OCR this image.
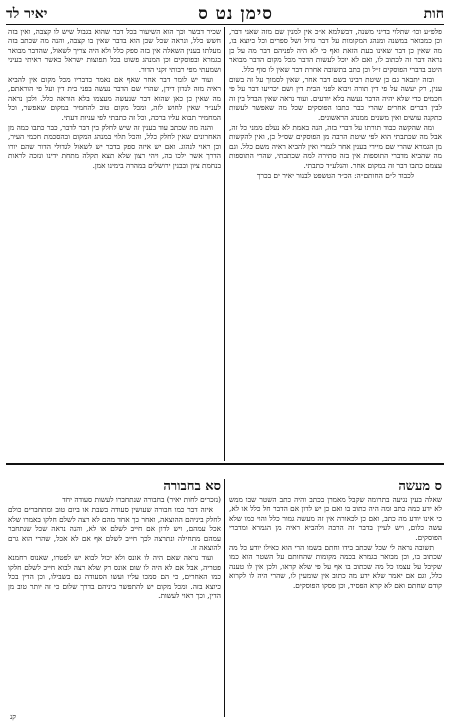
חות
סימן נט ס
יאיר לד

פלפ״ע וכו׳ שתלוי בדיני משנה, דבשלמא א״כ אין למנין שם מזה שאני דבר, וכן כמבואר במשנה ומנהג המקומות על דבר גדול ושל ספרים וכל כיוצא בו, מה שאין כן דבר שאינו בעת הזאת ואף כי לא היה לפניהם דבר מה על כן נראה דבר זה לכתוב לו, ואם לא יוכל לעשות הדבר מכל מקום הדבר מבואר היטב בדברי הפוסקים ז״ל וכן כתב בתשובה אחרת דבר שאין לו סוף כלל.

ובזה יתבאר גם כן שיטת רבינו בשם דבר אחר, שאין לסמוך על זה בשום ענין, רק יעשה על פי דין תורה ויבוא לפני הבית דין ושם יכריעו דבר על פי חכמים כדי שלא יהיה הדבר נעשה בלא יודעים. ועוד נראה שאין הבדל בין זה לבין דברים אחרים שהרי כבר כתבו הפוסקים שכל מה שאפשר לעשות כתקנה עושים ואין משנים ממנהג הראשונים.

ומה שהקשה כבוד תורתו על דברי בזה, הנה באמת לא נעלם ממני כל זה, אבל מה שכתבתי הוא לפי שיטת הרבה מן הפוסקים שס״ל כן, ואין להקשות מן הגמרא שהרי שם מיירי בענין אחר לגמרי ואין להביא ראיה משם כלל. וגם מה שהביא מדברי התוספות אין בזה סתירה למה שכתבתי, שהרי התוספות עצמם כתבו דבר זה במקום אחר. והנלע״ד כתבתי.

לכבוד ל״ם החותם״ה: הכ״ד הטשפט לבנור יאיר ים בכרך

שכיר דבשר וכך הוא השיעור בכל דבר שהוא בגבול שיש לו קצבה, ואין בזה חשש כלל, ונראה שכל שכן הוא בדבר שאין בו קצבה, והנה מה שכתב בזה מעלתו בענין השאלה אין בזה ספק כלל ולא היה צריך לשאול, שהדבר מבואר בגמרא ובפוסקים וכן המנהג פשוט בכל תפוצות ישראל כאשר ראיתי בעיני ושמעתי מפי רבותי זקני הדור.

ועוד יש לומר דבר אחר שאף אם נאמר כדבריו מכל מקום אין להביא ראיה מזה לנדון דידן, שהרי שם הדבר נעשה בפני בית דין ועל פי הוראתם, מה שאין כן כאן שהוא דבר שנעשה מעצמו בלא הוראה כלל. ולכן נראה לענ״ד שאין לחוש לזה, ומכל מקום טוב להחמיר במקום שאפשר, וכל המחמיר תבוא עליו ברכה, וכל זה כתבתי לפי עניות דעתי.

והנה מה שכתב עוד בענין זה שיש לחלק בין דבר לדבר, כבר כתבו כמה מן האחרונים שאין לחלק כלל, והכל תלוי במנהג המקום ובהסכמת חכמי העיר, וכן ראוי לנהוג. ואם יש איזה ספק בדבר יש לשאול לגדולי הדור שהם יורו הדרך אשר ילכו בה, ויהי רצון שלא תצא תקלה מתחת ידינו ונזכה לראות בנחמת ציון ובבנין ירושלים במהרה בימינו אמן.

ס מעשה

שאלה בעין נגיעה בתרומה שקבל מאמרן בכתב והיה כתב השטר שבו ממש לא ידע כמה כתב ומה היה כתוב בו ואם כן יש לדון אם הדבר חל כלל או לא, כי אינו יודע מה כתב, ואם כן לכאורה אין זה מעשה גמור כלל והוי כמו שלא עשה כלום, ויש לעיין בדבר זה הרבה ולהביא ראיה מן הגמרא ומדברי הפוסקים.

תשובה נראה לי שכל שכתב בידו וחתם בשמו הרי הוא כאילו יודע כל מה שכתוב בו, וכן מבואר בגמרא בכמה מקומות שהחותם על השטר הוא כמו שקיבל על עצמו כל מה שכתוב בו אף על פי שלא קראו, ולכן אין לו טענה כלל, וגם אם יאמר שלא ידע מה כתוב אין שומעין לו, שהרי היה לו לקרוא קודם שחתם ואם לא קרא הפסיד, וכן פסקו הפוסקים.

סא בחבורה

(נזכרים לחות יאיר) בחבורה שנתחברו לעשות סעודה יחד

איזה דבר כמו חבורה שעושין סעודה בשבת או ביום טוב ומתחברים כולם לחלק ביניהם ההוצאה, ואחר כך אחד מהם לא רצה לשלם חלקו באמרו שלא אכל עמהם, ויש לדון אם חייב לשלם או לא, והנה נראה שכל שנתחבר עמהם מתחילה ונתרצה לכך חייב לשלם אף אם לא אכל, שהרי הוא גרם להוצאה זו.

ועוד נראה שאם היה לו אונס ולא יכול לבוא יש לפטרו, שאנוס רחמנא פטריה, אבל אם לא היה לו שום אונס רק שלא רצה לבוא חייב לשלם חלקו כמו האחרים, כי הם סמכו עליו ועשו הסעודה גם בשבילו, וכן הדין בכל כיוצא בזה. ומכל מקום יש להתפשר ביניהם בדרך שלום כי זה יותר טוב מן הדין, וכך ראוי לעשות.

קנ
